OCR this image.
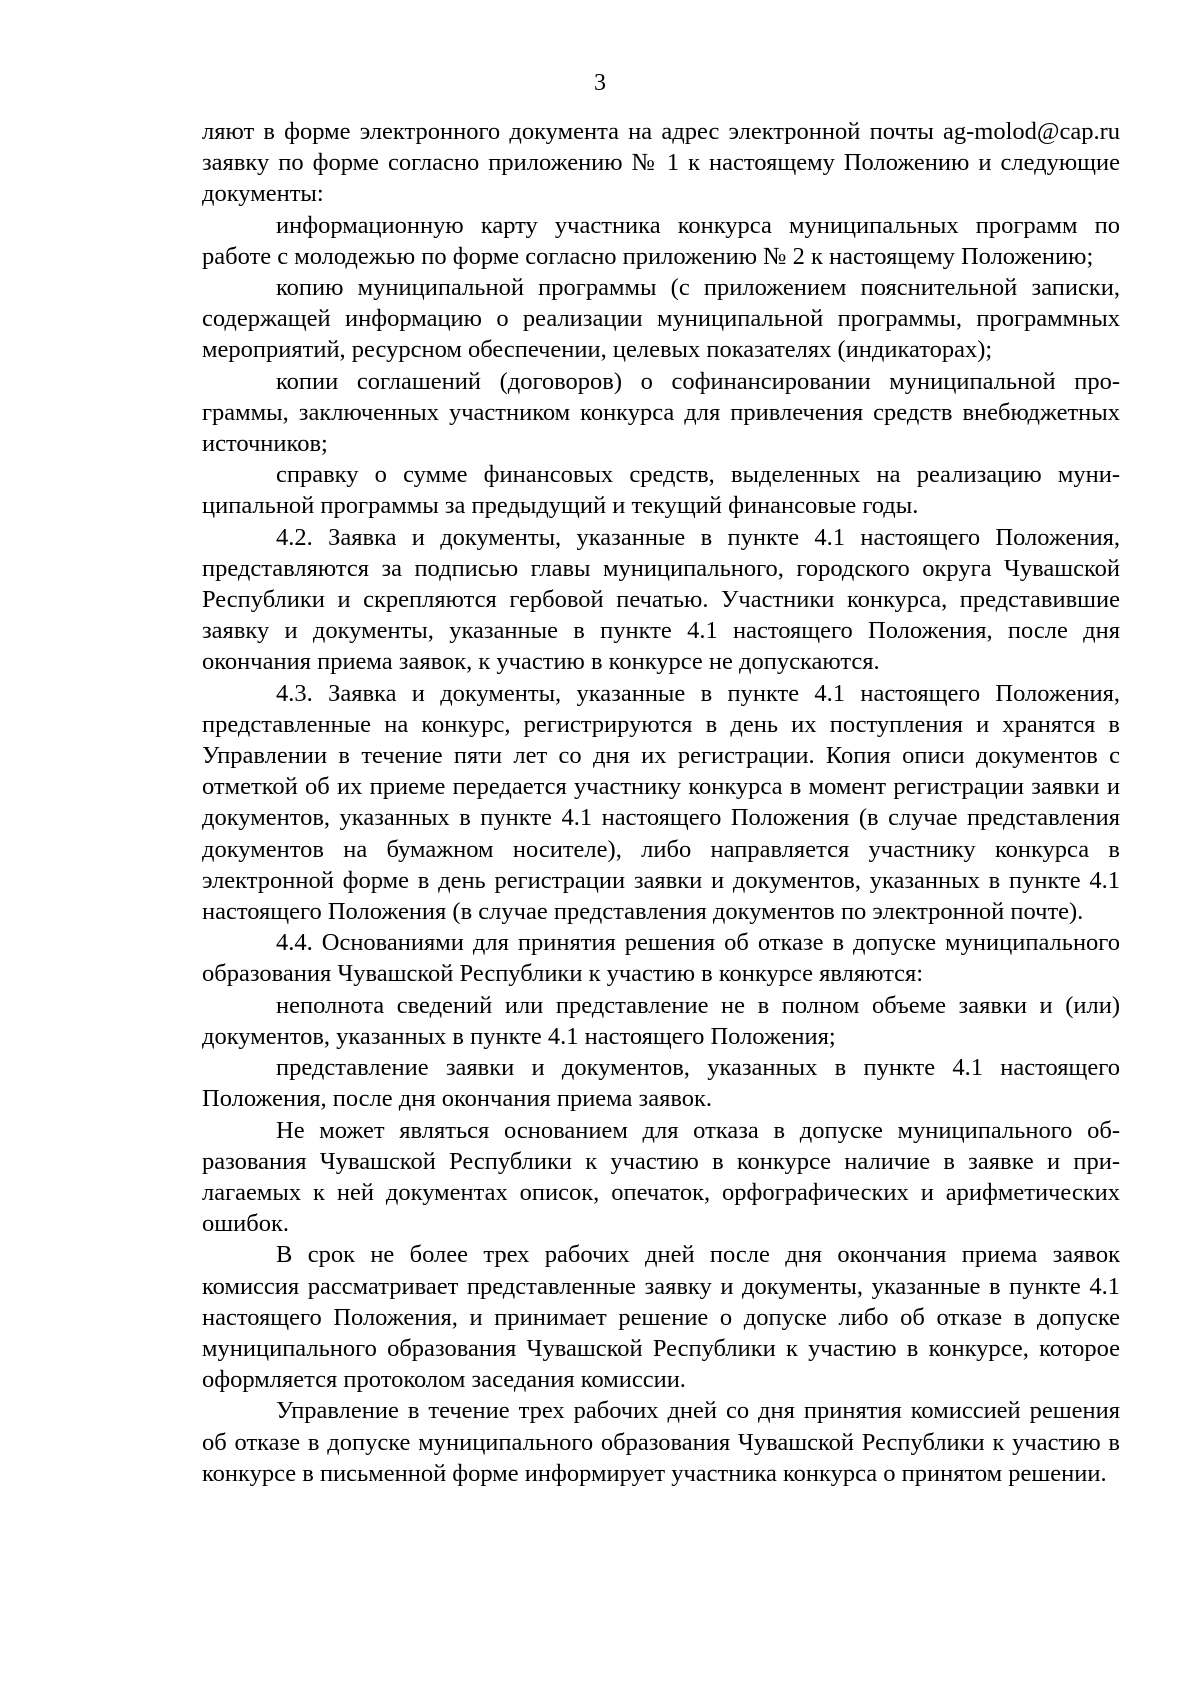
3

ляют в форме электронного документа на адрес электронной почты ag-molod@cap.ru заявку по форме согласно приложению № 1 к настоящему Положению и следующие документы:

информационную карту участника конкурса муниципальных программ по работе с молодежью по форме согласно приложению № 2 к настоящему Положению;

копию муниципальной программы (с приложением пояснительной записки, содержащей информацию о реализации муниципальной программы, программных мероприятий, ресурсном обеспечении, целевых показателях (индикаторах);

копии соглашений (договоров) о софинансировании муниципальной программы, заключенных участником конкурса для привлечения средств внебюджетных источников;

справку о сумме финансовых средств, выделенных на реализацию муниципальной программы за предыдущий и текущий финансовые годы.

4.2. Заявка и документы, указанные в пункте 4.1 настоящего Положения, представляются за подписью главы муниципального, городского округа Чувашской Республики и скрепляются гербовой печатью. Участники конкурса, представившие заявку и документы, указанные в пункте 4.1 настоящего Положения, после дня окончания приема заявок, к участию в конкурсе не допускаются.

4.3. Заявка и документы, указанные в пункте 4.1 настоящего Положения, представленные на конкурс, регистрируются в день их поступления и хранятся в Управлении в течение пяти лет со дня их регистрации. Копия описи документов с отметкой об их приеме передается участнику конкурса в момент регистрации заявки и документов, указанных в пункте 4.1 настоящего Положения (в случае представления документов на бумажном носителе), либо направляется участнику конкурса в электронной форме в день регистрации заявки и документов, указанных в пункте 4.1 настоящего Положения (в случае представления документов по электронной почте).

4.4. Основаниями для принятия решения об отказе в допуске муниципального образования Чувашской Республики к участию в конкурсе являются:

неполнота сведений или представление не в полном объеме заявки и (или) документов, указанных в пункте 4.1 настоящего Положения;

представление заявки и документов, указанных в пункте 4.1 настоящего Положения, после дня окончания приема заявок.

Не может являться основанием для отказа в допуске муниципального образования Чувашской Республики к участию в конкурсе наличие в заявке и прилагаемых к ней документах описок, опечаток, орфографических и арифметических ошибок.

В срок не более трех рабочих дней после дня окончания приема заявок комиссия рассматривает представленные заявку и документы, указанные в пункте 4.1 настоящего Положения, и принимает решение о допуске либо об отказе в допуске муниципального образования Чувашской Республики к участию в конкурсе, которое оформляется протоколом заседания комиссии.

Управление в течение трех рабочих дней со дня принятия комиссией решения об отказе в допуске муниципального образования Чувашской Республики к участию в конкурсе в письменной форме информирует участника конкурса о принятом решении.
